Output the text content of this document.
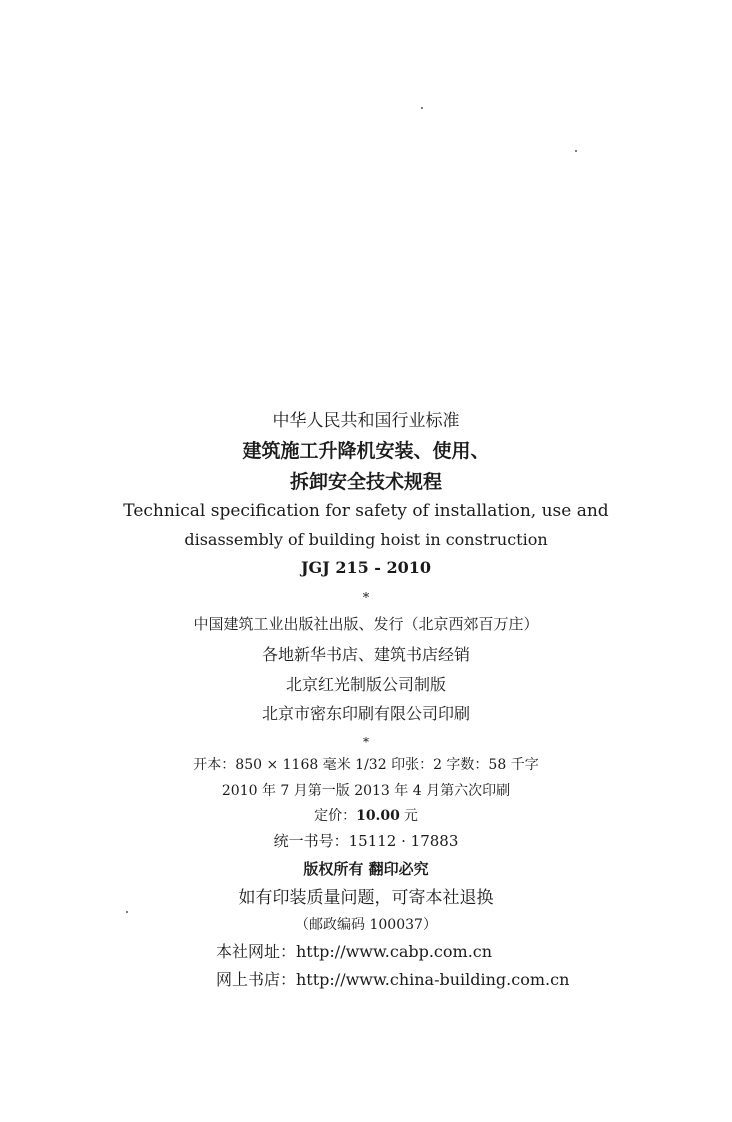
中华人民共和国行业标准
建筑施工升降机安装、使用、
拆卸安全技术规程
Technical specification for safety of installation, use and
disassembly of building hoist in construction
JGJ 215 - 2010
*
中国建筑工业出版社出版、发行（北京西郊百万庄）
各地新华书店、建筑书店经销
北京红光制版公司制版
北京市密东印刷有限公司印刷
*
开本：850 × 1168 毫米 1/32 印张：2 字数：58 千字
2010 年 7 月第一版 2013 年 4 月第六次印刷
定价：10.00 元
统一书号：15112 · 17883
版权所有 翻印必究
如有印装质量问题，可寄本社退换
（邮政编码 100037）
本社网址：http://www.cabp.com.cn
网上书店：http://www.china-building.com.cn
